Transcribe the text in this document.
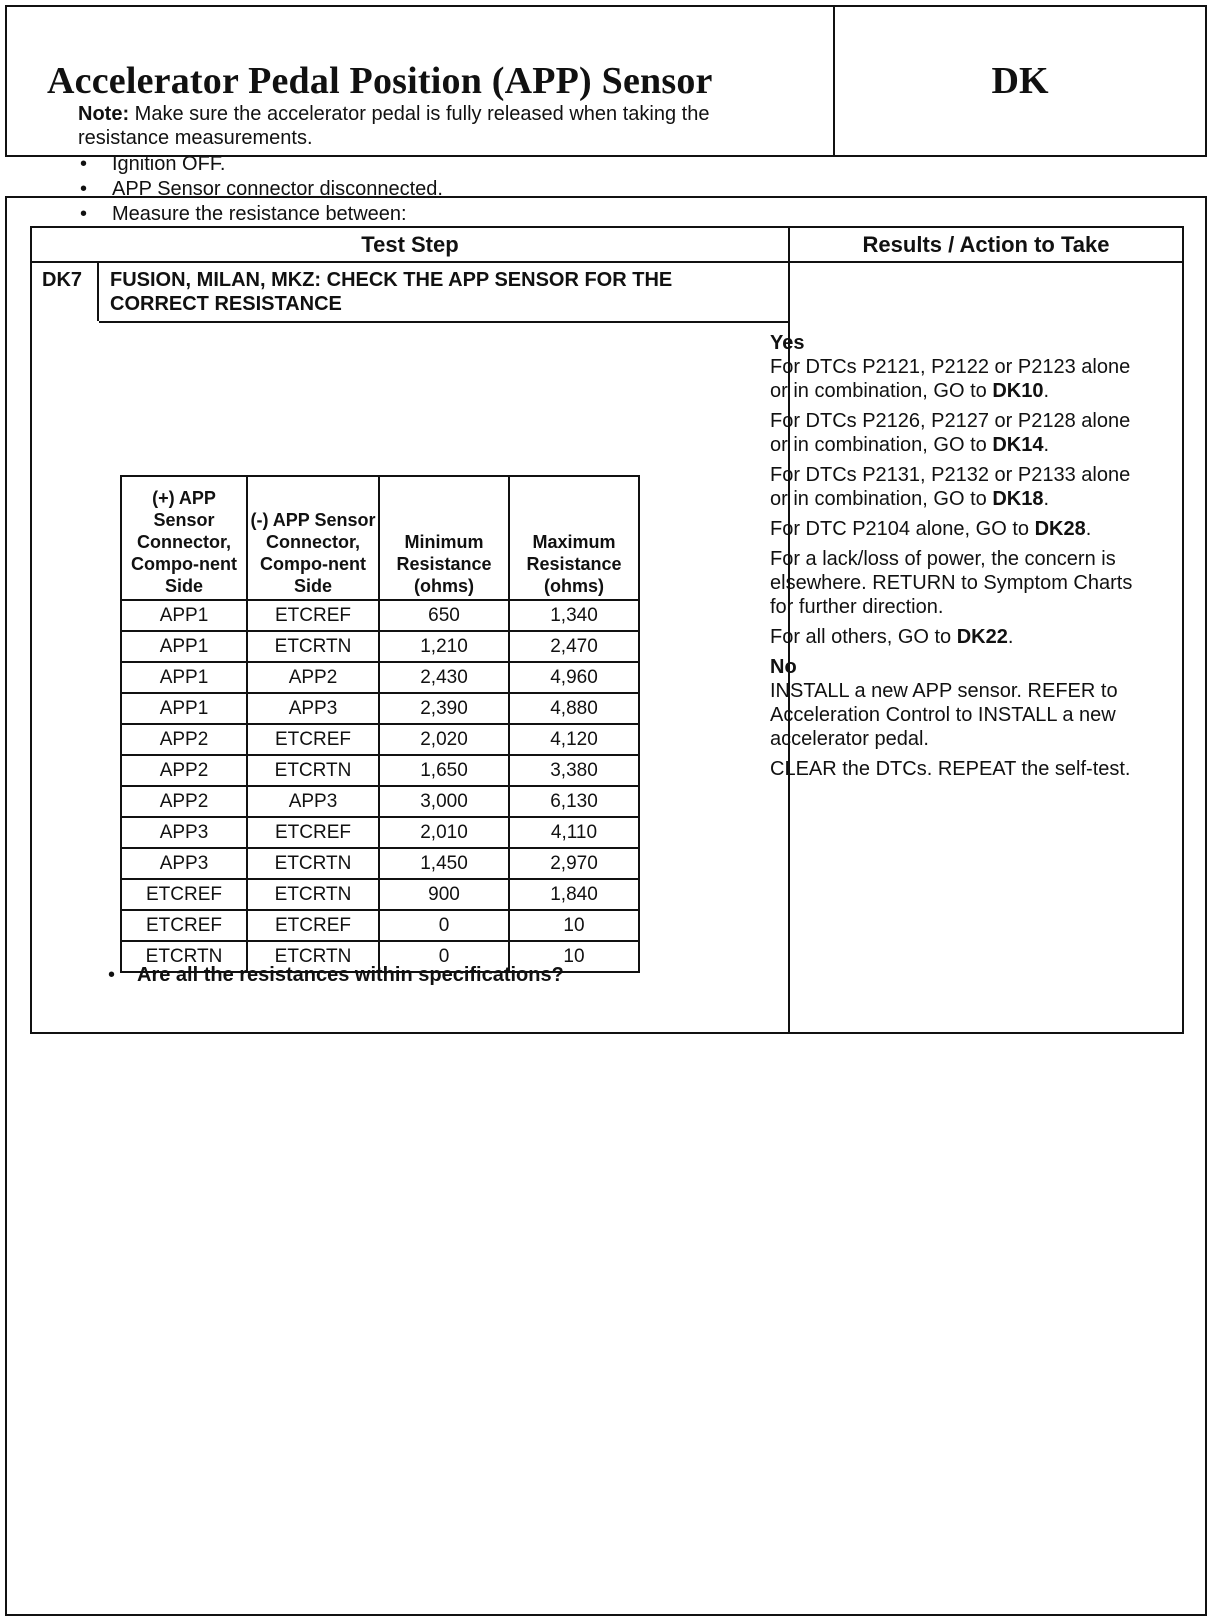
Accelerator Pedal Position (APP) Sensor	DK
Test Step	Results / Action to Take
DK7	FUSION, MILAN, MKZ: CHECK THE APP SENSOR FOR THE CORRECT RESISTANCE
Note: Make sure the accelerator pedal is fully released when taking the resistance measurements.
• Ignition OFF.
• APP Sensor connector disconnected.
• Measure the resistance between:
(+) APP Sensor Connector, Compo-nent Side	(-) APP Sensor Connector, Compo-nent Side	Minimum Resistance (ohms)	Maximum Resistance (ohms)
APP1	ETCREF	650	1,340
APP1	ETCRTN	1,210	2,470
APP1	APP2	2,430	4,960
APP1	APP3	2,390	4,880
APP2	ETCREF	2,020	4,120
APP2	ETCRTN	1,650	3,380
APP2	APP3	3,000	6,130
APP3	ETCREF	2,010	4,110
APP3	ETCRTN	1,450	2,970
ETCREF	ETCRTN	900	1,840
ETCREF	ETCREF	0	10
ETCRTN	ETCRTN	0	10
• Are all the resistances within specifications?
Yes

For DTCs P2121, P2122 or P2123 alone or in combination, GO to DK10.

For DTCs P2126, P2127 or P2128 alone or in combination, GO to DK14.

For DTCs P2131, P2132 or P2133 alone or in combination, GO to DK18.

For DTC P2104 alone, GO to DK28.

For a lack/loss of power, the concern is elsewhere. RETURN to Symptom Charts for further direction.

For all others, GO to DK22.

No

INSTALL a new APP sensor. REFER to Acceleration Control to INSTALL a new accelerator pedal.

CLEAR the DTCs. REPEAT the self-test.
